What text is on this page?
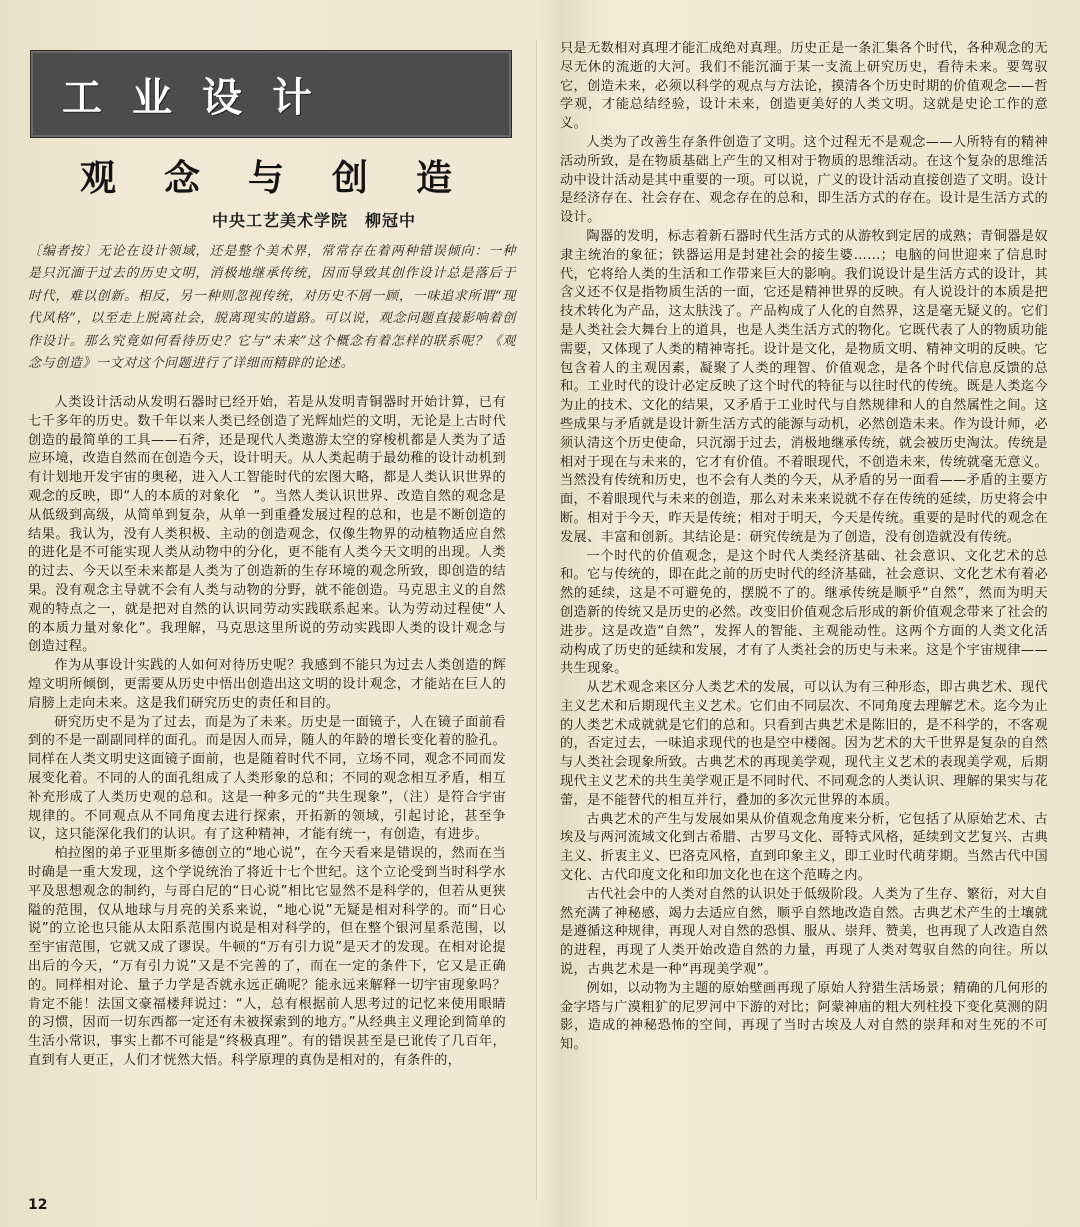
工业设计
观念与创造
中央工艺美术学院　柳冠中
〔编者按〕无论在设计领域，还是整个美术界，常常存在着两种错误倾向：一种是只沉湎于过去的历史文明，消极地继承传统，因而导致其创作设计总是落后于时代，难以创新。相反，另一种则忽视传统，对历史不屑一顾，一味追求所谓“现代风格”，以至走上脱离社会，脱离现实的道路。可以说，观念问题直接影响着创作设计。那么究竟如何看待历史？它与“未来”这个概念有着怎样的联系呢？《观念与创造》一文对这个问题进行了详细而精辟的论述。

人类设计活动从发明石器时已经开始，若是从发明青铜器时开始计算，已有七千多年的历史。数千年以来人类已经创造了光辉灿烂的文明，无论是上古时代创造的最简单的工具——石斧，还是现代人类遨游太空的穿梭机都是人类为了适应环境，改造自然而在创造今天，设计明天。从人类起萌于最幼稚的设计动机到有计划地开发宇宙的奥秘，进入人工智能时代的宏图大略，都是人类认识世界的观念的反映，即“人的本质的对象化　”。当然人类认识世界、改造自然的观念是从低级到高级，从简单到复杂，从单一到重叠发展过程的总和，也是不断创造的结果。我认为，没有人类积极、主动的创造观念，仅像生物界的动植物适应自然的进化是不可能实现人类从动物中的分化，更不能有人类今天文明的出现。人类的过去、今天以至未来都是人类为了创造新的生存环境的观念所致，即创造的结果。没有观念主导就不会有人类与动物的分野，就不能创造。马克思主义的自然观的特点之一，就是把对自然的认识同劳动实践联系起来。认为劳动过程使“人的本质力量对象化”。我理解，马克思这里所说的劳动实践即人类的设计观念与创造过程。

作为从事设计实践的人如何对待历史呢？我感到不能只为过去人类创造的辉煌文明所倾倒，更需要从历史中悟出创造出这文明的设计观念，才能站在巨人的肩膀上走向未来。这是我们研究历史的责任和目的。

研究历史不是为了过去，而是为了未来。历史是一面镜子，人在镜子面前看到的不是一副副同样的面孔。而是因人而异，随人的年龄的增长变化着的脸孔。同样在人类文明史这面镜子面前，也是随着时代不同，立场不同，观念不同而发展变化着。不同的人的面孔组成了人类形象的总和；不同的观念相互矛盾，相互补充形成了人类历史观的总和。这是一种多元的“共生现象”，（注）是符合宇宙规律的。不同观点从不同角度去进行探索，开拓新的领域，引起讨论，甚至争议，这只能深化我们的认识。有了这种精神，才能有统一，有创造，有进步。

柏拉图的弟子亚里斯多德创立的“地心说”，在今天看来是错误的，然而在当时确是一重大发现，这个学说统治了将近十七个世纪。这个立论受到当时科学水平及思想观念的制约，与哥白尼的“日心说”相比它显然不是科学的，但若从更狭隘的范围，仅从地球与月亮的关系来说，“地心说”无疑是相对科学的。而“日心说”的立论也只能从太阳系范围内说是相对科学的，但在整个银河星系范围，以至宇宙范围，它就又成了谬误。牛顿的“万有引力说”是天才的发现。在相对论提出后的今天，“万有引力说”又是不完善的了，而在一定的条件下，它又是正确的。同样相对论、量子力学是否就永远正确呢？能永远来解释一切宇宙现象吗？肯定不能！法国文豪福楼拜说过：“人，总有根据前人思考过的记忆来使用眼睛的习惯，因而一切东西都一定还有未被探索到的地方。”从经典主义理论到简单的生活小常识，事实上都不可能是“终极真理”。有的错误甚至是已讹传了几百年，直到有人更正，人们才恍然大悟。科学原理的真伪是相对的，有条件的，

只是无数相对真理才能汇成绝对真理。历史正是一条汇集各个时代，各种观念的无尽无休的流逝的大河。我们不能沉湎于某一支流上研究历史，看待未来。要驾驭它，创造未来，必须以科学的观点与方法论，摸清各个历史时期的价值观念——哲学观，才能总结经验，设计未来，创造更美好的人类文明。这就是史论工作的意义。

人类为了改善生存条件创造了文明。这个过程无不是观念——人所特有的精神活动所致，是在物质基础上产生的又相对于物质的思维活动。在这个复杂的思维活动中设计活动是其中重要的一项。可以说，广义的设计活动直接创造了文明。设计是经济存在、社会存在、观念存在的总和，即生活方式的存在。设计是生活方式的设计。

陶器的发明，标志着新石器时代生活方式的从游牧到定居的成熟；青铜器是奴隶主统治的象征；铁器运用是封建社会的接生婆……；电脑的问世迎来了信息时代，它将给人类的生活和工作带来巨大的影响。我们说设计是生活方式的设计，其含义还不仅是指物质生活的一面，它还是精神世界的反映。有人说设计的本质是把技术转化为产品，这太肤浅了。产品构成了人化的自然界，这是毫无疑义的。它们是人类社会大舞台上的道具，也是人类生活方式的物化。它既代表了人的物质功能需要，又体现了人类的精神寄托。设计是文化，是物质文明、精神文明的反映。它包含着人的主观因素，凝聚了人类的理智、价值观念，是各个时代信息反馈的总和。工业时代的设计必定反映了这个时代的特征与以往时代的传统。既是人类迄今为止的技术、文化的结果，又矛盾于工业时代与自然规律和人的自然属性之间。这些成果与矛盾就是设计新生活方式的能源与动机，必然创造未来。作为设计师，必须认清这个历史使命，只沉溺于过去，消极地继承传统，就会被历史淘汰。传统是相对于现在与未来的，它才有价值。不着眼现代，不创造未来，传统就毫无意义。当然没有传统和历史，也不会有人类的今天，从矛盾的另一面看——矛盾的主要方面，不着眼现代与未来的创造，那么对未来来说就不存在传统的延续，历史将会中断。相对于今天，昨天是传统；相对于明天，今天是传统。重要的是时代的观念在发展、丰富和创新。其结论是：研究传统是为了创造，没有创造就没有传统。

一个时代的价值观念，是这个时代人类经济基础、社会意识、文化艺术的总和。它与传统的，即在此之前的历史时代的经济基础，社会意识、文化艺术有着必然的延续，这是不可避免的，摆脱不了的。继承传统是顺乎“自然”，然而为明天创造新的传统又是历史的必然。改变旧价值观念后形成的新价值观念带来了社会的进步。这是改造“自然”，发挥人的智能、主观能动性。这两个方面的人类文化活动构成了历史的延续和发展，才有了人类社会的历史与未来。这是个宇宙规律——共生现象。

从艺术观念来区分人类艺术的发展，可以认为有三种形态，即古典艺术、现代主义艺术和后期现代主义艺术。它们由不同层次、不同角度去理解艺术。迄今为止的人类艺术成就就是它们的总和。只看到古典艺术是陈旧的，是不科学的，不客观的，否定过去，一味追求现代的也是空中楼阁。因为艺术的大千世界是复杂的自然与人类社会现象所致。古典艺术的再现美学观，现代主义艺术的表现美学观，后期现代主义艺术的共生美学观正是不同时代、不同观念的人类认识、理解的果实与花蕾，是不能替代的相互并行，叠加的多次元世界的本质。

古典艺术的产生与发展如果从价值观念角度来分析，它包括了从原始艺术、古埃及与两河流域文化到古希腊、古罗马文化、哥特式风格，延续到文艺复兴、古典主义、折衷主义、巴洛克风格，直到印象主义，即工业时代萌芽期。当然古代中国文化、古代印度文化和印加文化也在这个范畴之内。

古代社会中的人类对自然的认识处于低级阶段。人类为了生存、繁衍，对大自然充满了神秘感，竭力去适应自然，顺乎自然地改造自然。古典艺术产生的土壤就是遵循这种规律，再现人对自然的恐惧、服从、崇拜、赞美，也再现了人改造自然的进程，再现了人类开始改造自然的力量，再现了人类对驾驭自然的向往。所以说，古典艺术是一种“再现美学观”。

例如，以动物为主题的原始壁画再现了原始人狩猎生活场景；精确的几何形的金字塔与广漠粗犷的尼罗河中下游的对比；阿蒙神庙的粗大列柱投下变化莫测的阴影，造成的神秘恐怖的空间，再现了当时古埃及人对自然的崇拜和对生死的不可知。

12
